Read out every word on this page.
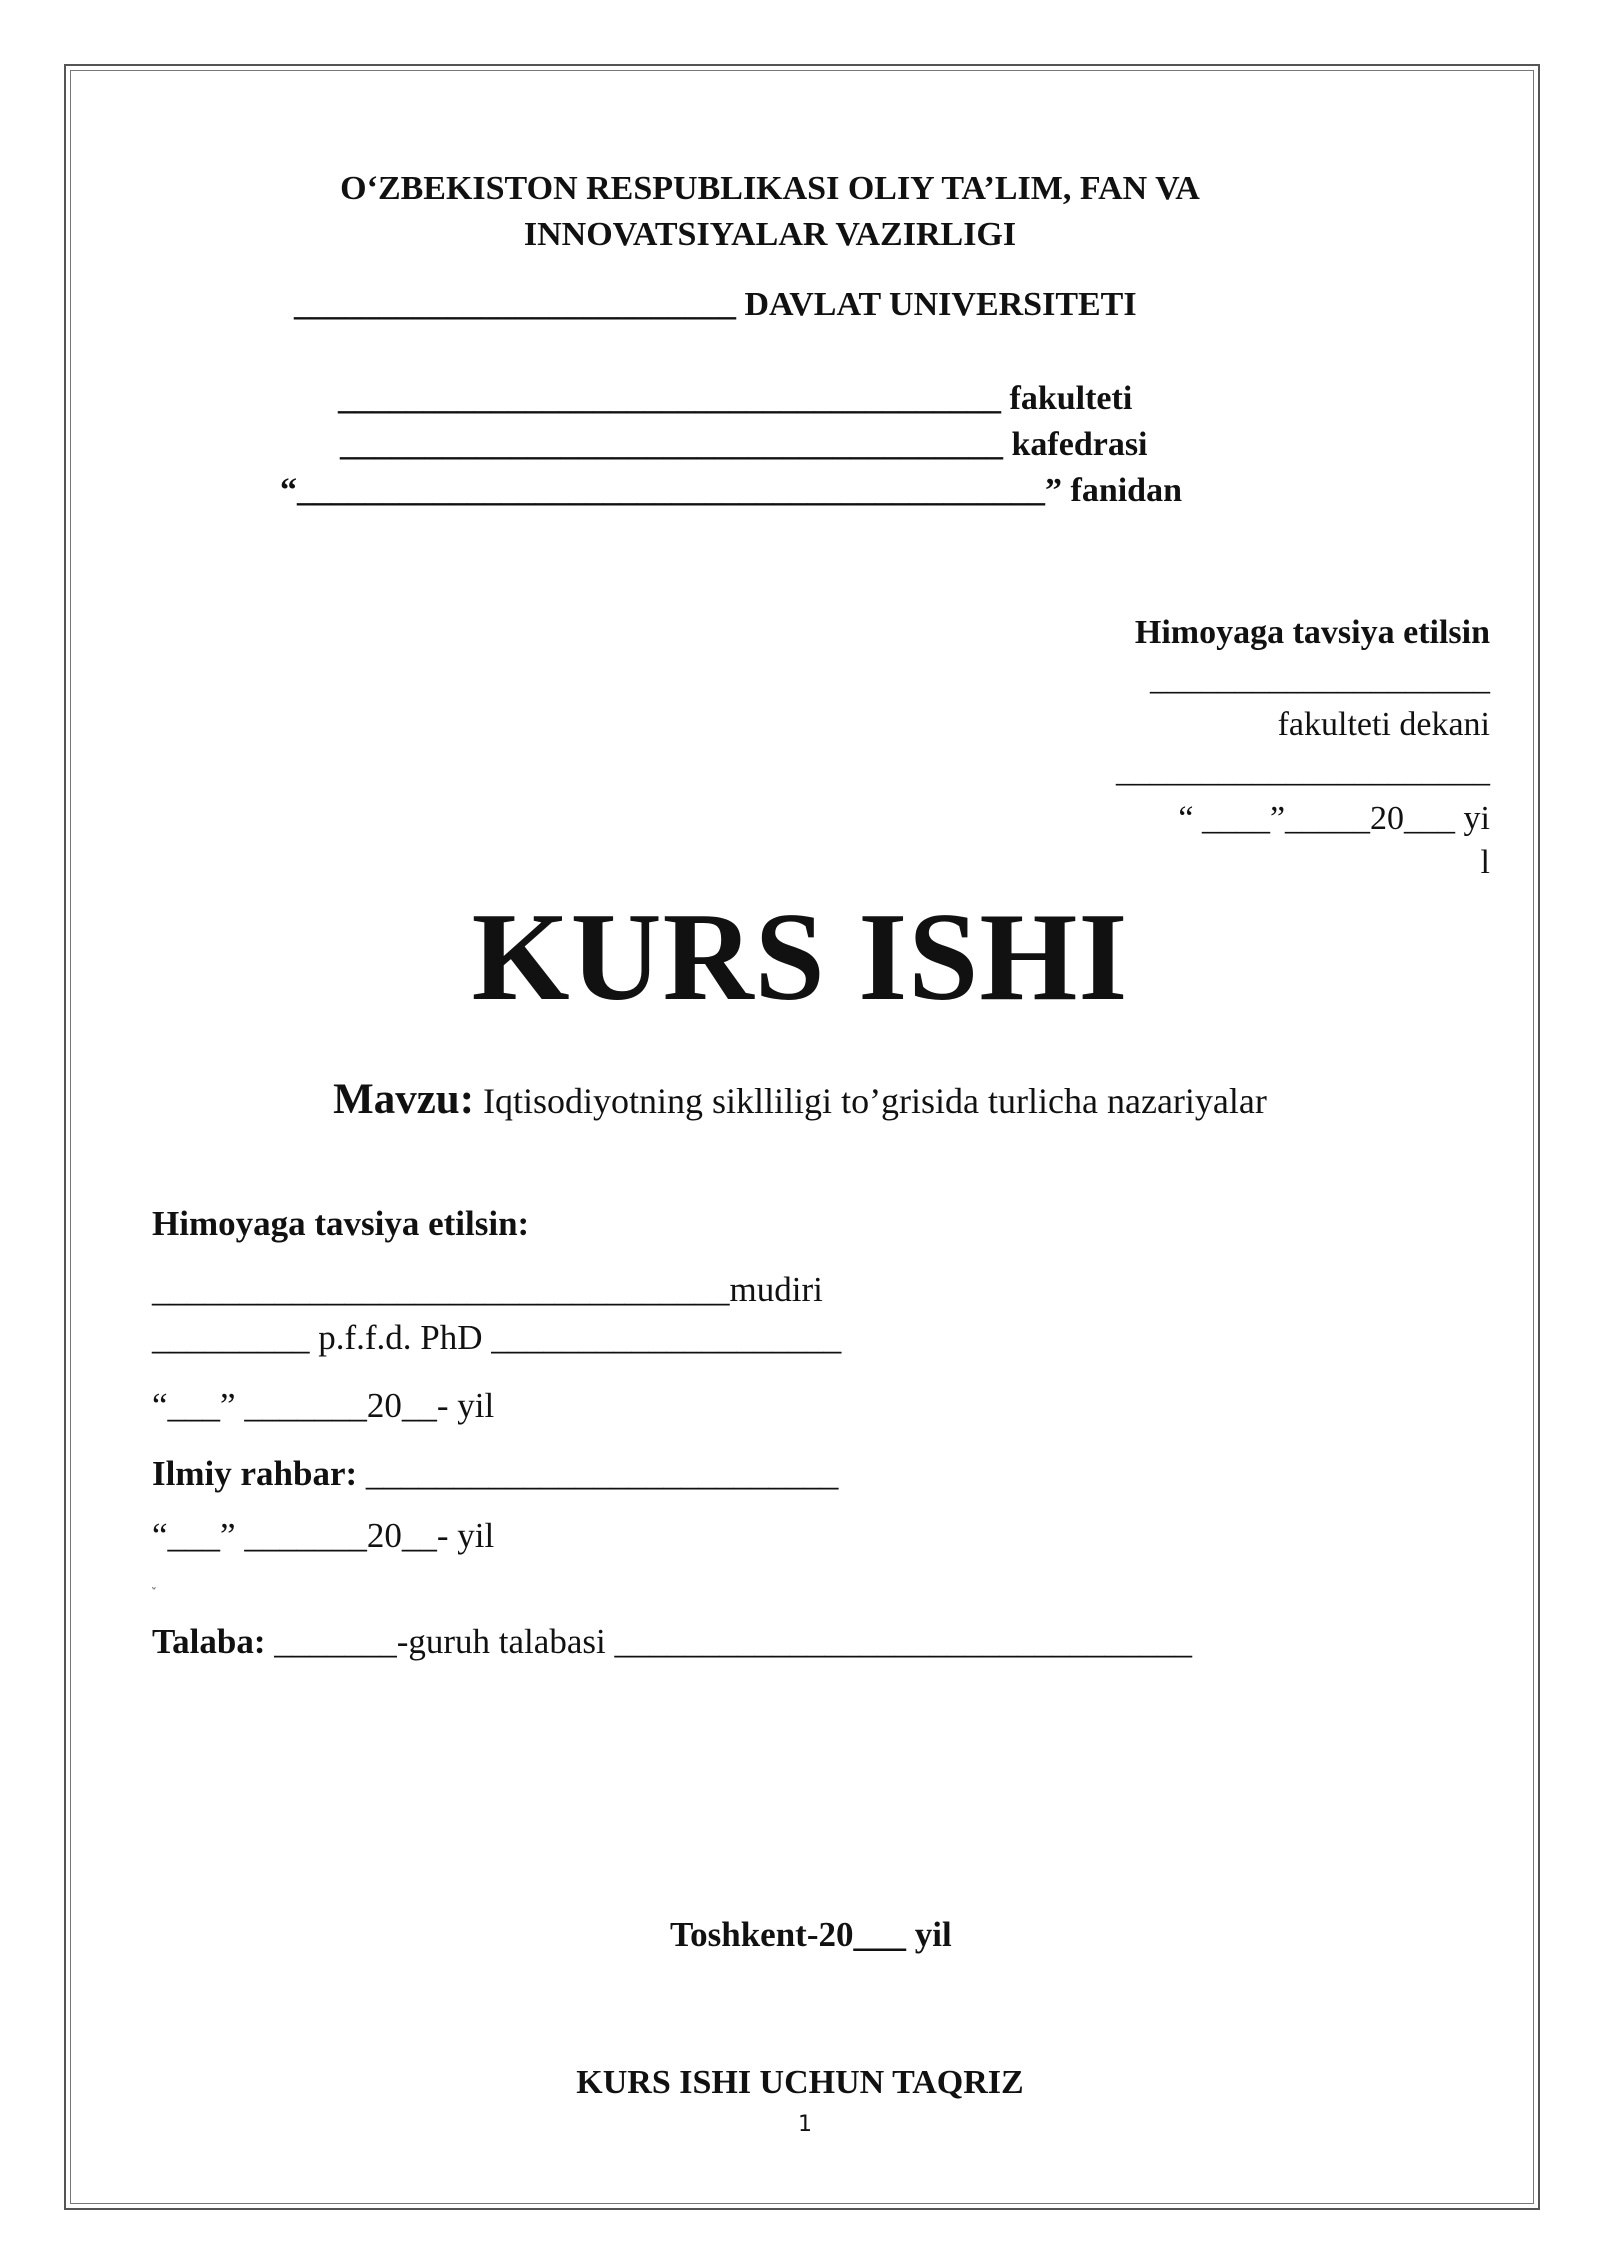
O‘ZBEKISTON RESPUBLIKASI OLIY TA’LIM, FAN VA
INNOVATSIYALAR VAZIRLIGI
__________________________ DAVLAT UNIVERSITETI
_______________________________________ fakulteti
_______________________________________ kafedrasi
“____________________________________________” fanidan
Himoyaga tavsiya etilsin
____________________
fakulteti dekani
______________________
“ ____”_____20___ yi
l
KURS ISHI
Mavzu: Iqtisodiyotning siklliligi to’grisida turlicha nazariyalar
Himoyaga tavsiya etilsin:
_________________________________mudiri
_________ p.f.f.d. PhD ____________________
“___” _______20__- yil
Ilmiy rahbar: ___________________________
“___” _______20__- yil
ʷ
Talaba: _______-guruh talabasi _________________________________
Toshkent-20___ yil
KURS ISHI UCHUN TAQRIZ
1
